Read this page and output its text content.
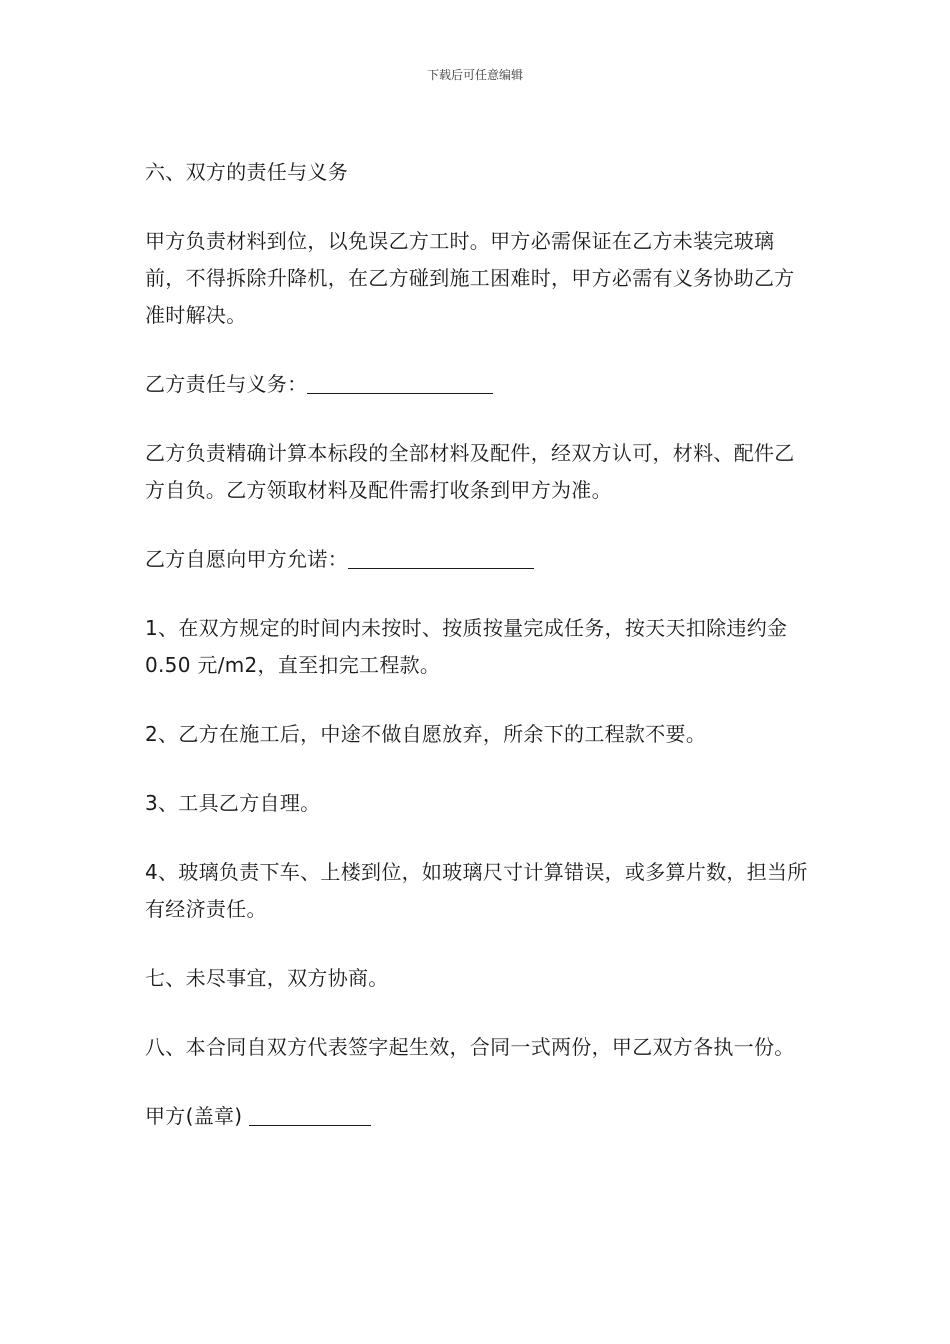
下载后可任意编辑

六、双方的责任与义务

甲方负责材料到位，以免误乙方工时。甲方必需保证在乙方未装完玻璃前，不得拆除升降机，在乙方碰到施工困难时，甲方必需有义务协助乙方准时解决。

乙方责任与义务：

乙方负责精确计算本标段的全部材料及配件，经双方认可，材料、配件乙方自负。乙方领取材料及配件需打收条到甲方为准。

乙方自愿向甲方允诺：

1、在双方规定的时间内未按时、按质按量完成任务，按天天扣除违约金 0.50 元/m2，直至扣完工程款。

2、乙方在施工后，中途不做自愿放弃，所余下的工程款不要。

3、工具乙方自理。

4、玻璃负责下车、上楼到位，如玻璃尺寸计算错误，或多算片数，担当所有经济责任。

七、未尽事宜，双方协商。

八、本合同自双方代表签字起生效，合同一式两份，甲乙双方各执一份。

甲方(盖章)
